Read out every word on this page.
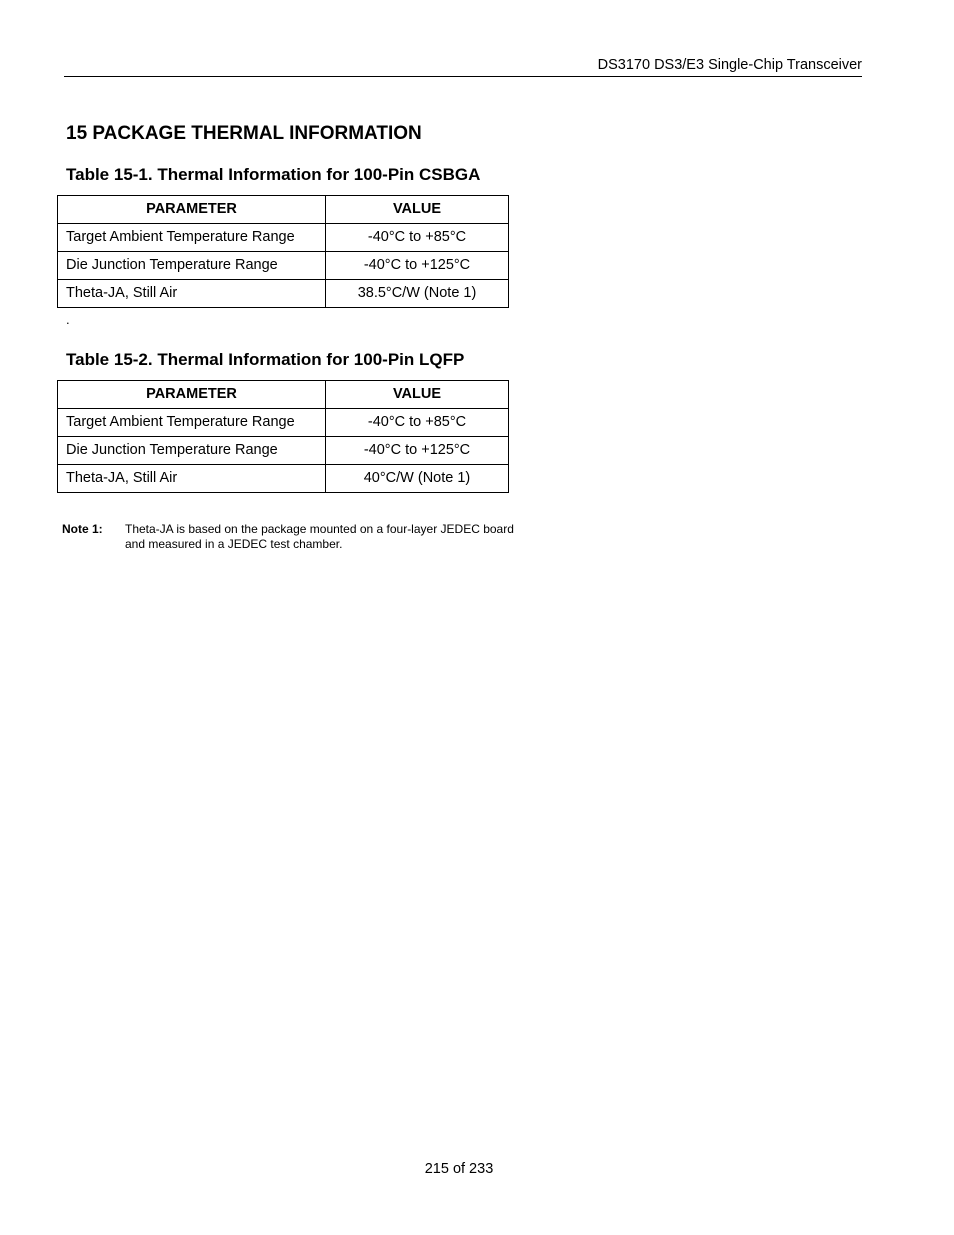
DS3170 DS3/E3 Single-Chip Transceiver
15 PACKAGE THERMAL INFORMATION
Table 15-1. Thermal Information for 100-Pin CSBGA
PARAMETER	VALUE
Target Ambient Temperature Range	-40°C to +85°C
Die Junction Temperature Range	-40°C to +125°C
Theta-JA, Still Air	38.5°C/W (Note 1)
.
Table 15-2. Thermal Information for 100-Pin LQFP
PARAMETER	VALUE
Target Ambient Temperature Range	-40°C to +85°C
Die Junction Temperature Range	-40°C to +125°C
Theta-JA, Still Air	40°C/W (Note 1)
Note 1: Theta-JA is based on the package mounted on a four-layer JEDEC board and measured in a JEDEC test chamber.
215 of 233
